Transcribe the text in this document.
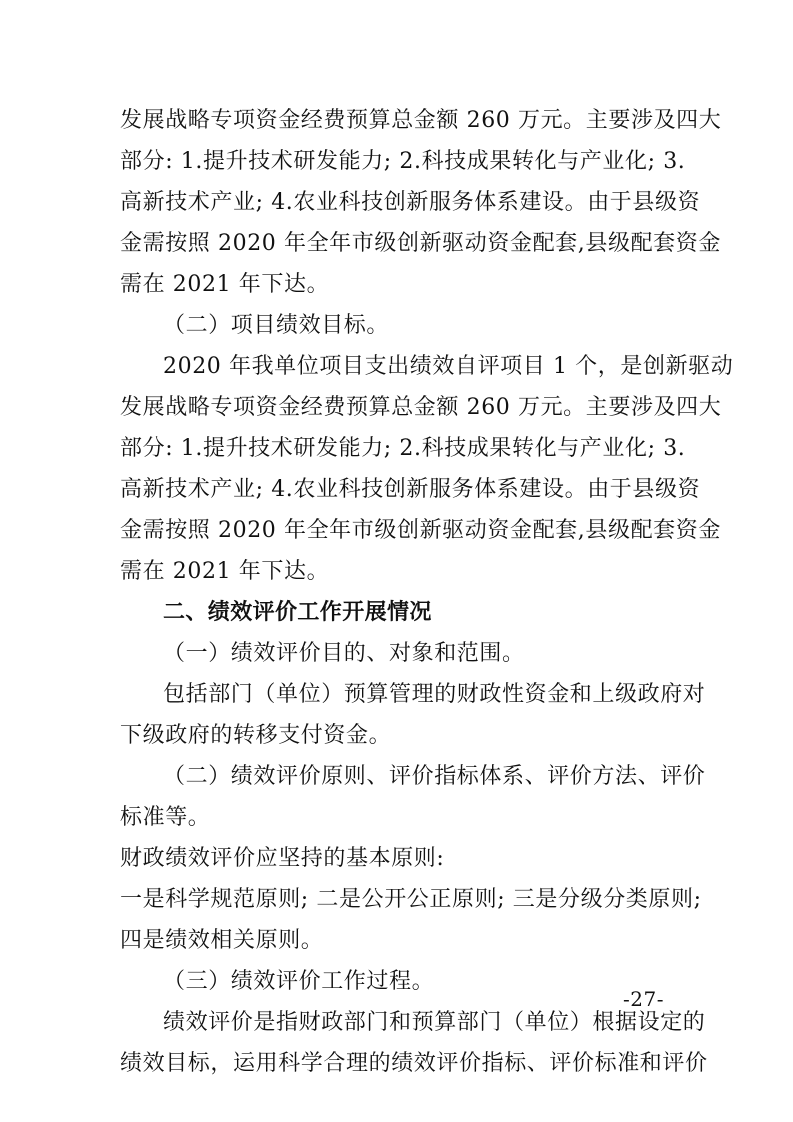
发展战略专项资金经费预算总金额 260 万元。主要涉及四大
部分: 1.提升技术研发能力; 2.科技成果转化与产业化; 3.
高新技术产业; 4.农业科技创新服务体系建设。由于县级资
金需按照 2020 年全年市级创新驱动资金配套,县级配套资金
需在 2021 年下达。
（二）项目绩效目标。
2020 年我单位项目支出绩效自评项目 1 个，是创新驱动
发展战略专项资金经费预算总金额 260 万元。主要涉及四大
部分: 1.提升技术研发能力; 2.科技成果转化与产业化; 3.
高新技术产业; 4.农业科技创新服务体系建设。由于县级资
金需按照 2020 年全年市级创新驱动资金配套,县级配套资金
需在 2021 年下达。
二、绩效评价工作开展情况
（一）绩效评价目的、对象和范围。
包括部门（单位）预算管理的财政性资金和上级政府对
下级政府的转移支付资金。
（二）绩效评价原则、评价指标体系、评价方法、评价
标准等。
财政绩效评价应坚持的基本原则:
一是科学规范原则; 二是公开公正原则; 三是分级分类原则;
四是绩效相关原则。
（三）绩效评价工作过程。
绩效评价是指财政部门和预算部门（单位）根据设定的
绩效目标，运用科学合理的绩效评价指标、评价标准和评价
-27-
